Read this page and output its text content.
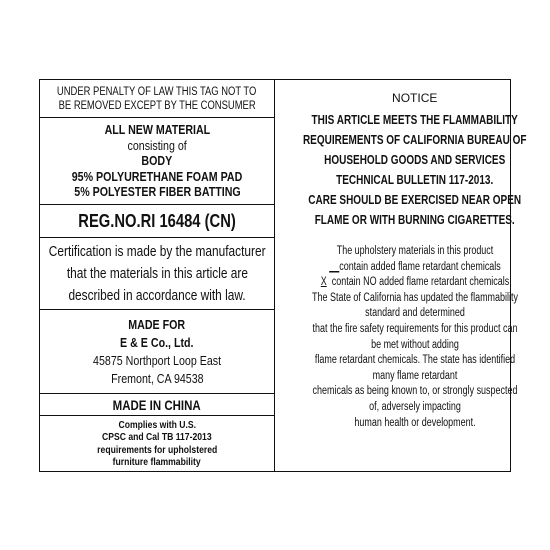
UNDER PENALTY OF LAW THIS TAG NOT TO
BE REMOVED EXCEPT BY THE CONSUMER
ALL NEW MATERIAL
consisting of
BODY
95% POLYURETHANE FOAM PAD
5% POLYESTER FIBER BATTING
REG.NO.RI 16484 (CN)
Certification is made by the manufacturer
that the materials in this article are
described in accordance with law.
MADE FOR
E & E Co., Ltd.
45875 Northport Loop East
Fremont, CA 94538
MADE IN CHINA
Complies with U.S.
CPSC and Cal TB 117-2013
requirements for upholstered
furniture flammability
NOTICE
THIS ARTICLE MEETS THE FLAMMABILITY
REQUIREMENTS OF CALIFORNIA BUREAU OF
HOUSEHOLD GOODS AND SERVICES
TECHNICAL BULLETIN 117-2013.
CARE SHOULD BE EXERCISED NEAR OPEN
FLAME OR WITH BURNING CIGARETTES.
The upholstery materials in this product
__contain added flame retardant chemicals
X contain NO added flame retardant chemicals
The State of California has updated the flammability
standard and determined
that the fire safety requirements for this product can
be met without adding
flame retardant chemicals. The state has identified
many flame retardant
chemicals as being known to, or strongly suspected
of, adversely impacting
human health or development.
